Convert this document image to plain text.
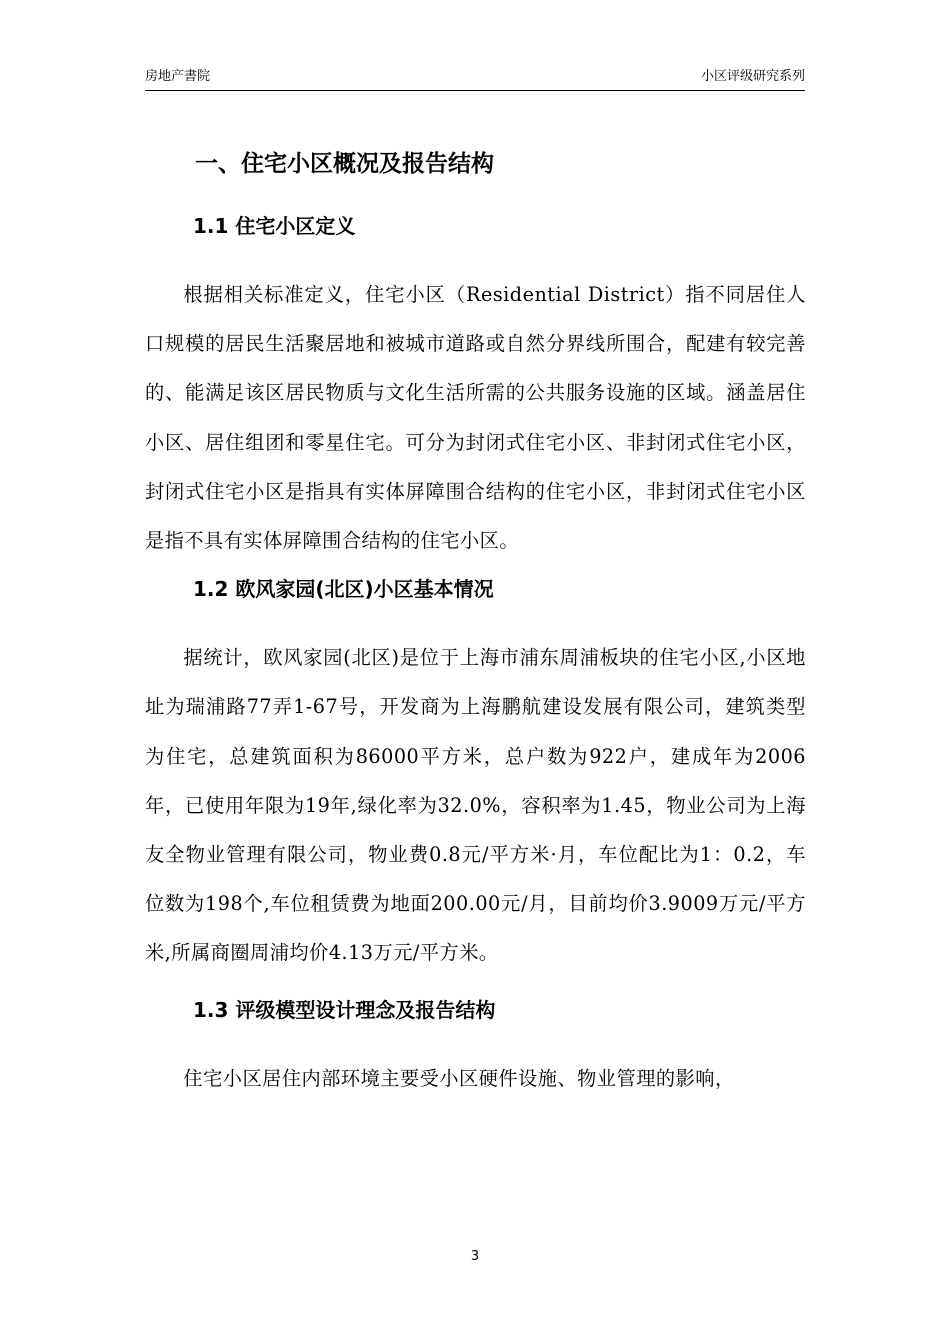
房地产書院	小区评级研究系列
一、住宅小区概况及报告结构
1.1 住宅小区定义

根据相关标准定义，住宅小区（Residential District）指不同居住人口规模的居民生活聚居地和被城市道路或自然分界线所围合，配建有较完善的、能满足该区居民物质与文化生活所需的公共服务设施的区域。涵盖居住小区、居住组团和零星住宅。可分为封闭式住宅小区、非封闭式住宅小区，封闭式住宅小区是指具有实体屏障围合结构的住宅小区，非封闭式住宅小区是指不具有实体屏障围合结构的住宅小区。

1.2 欧风家园(北区)小区基本情况

据统计，欧风家园(北区)是位于上海市浦东周浦板块的住宅小区,小区地址为瑞浦路77弄1-67号，开发商为上海鹏航建设发展有限公司，建筑类型为住宅，总建筑面积为86000平方米，总户数为922户，建成年为2006年，已使用年限为19年,绿化率为32.0%，容积率为1.45，物业公司为上海友全物业管理有限公司，物业费0.8元/平方米·月，车位配比为1：0.2，车位数为198个,车位租赁费为地面200.00元/月，目前均价3.9009万元/平方米,所属商圈周浦均价4.13万元/平方米。

1.3 评级模型设计理念及报告结构

住宅小区居住内部环境主要受小区硬件设施、物业管理的影响，

3
